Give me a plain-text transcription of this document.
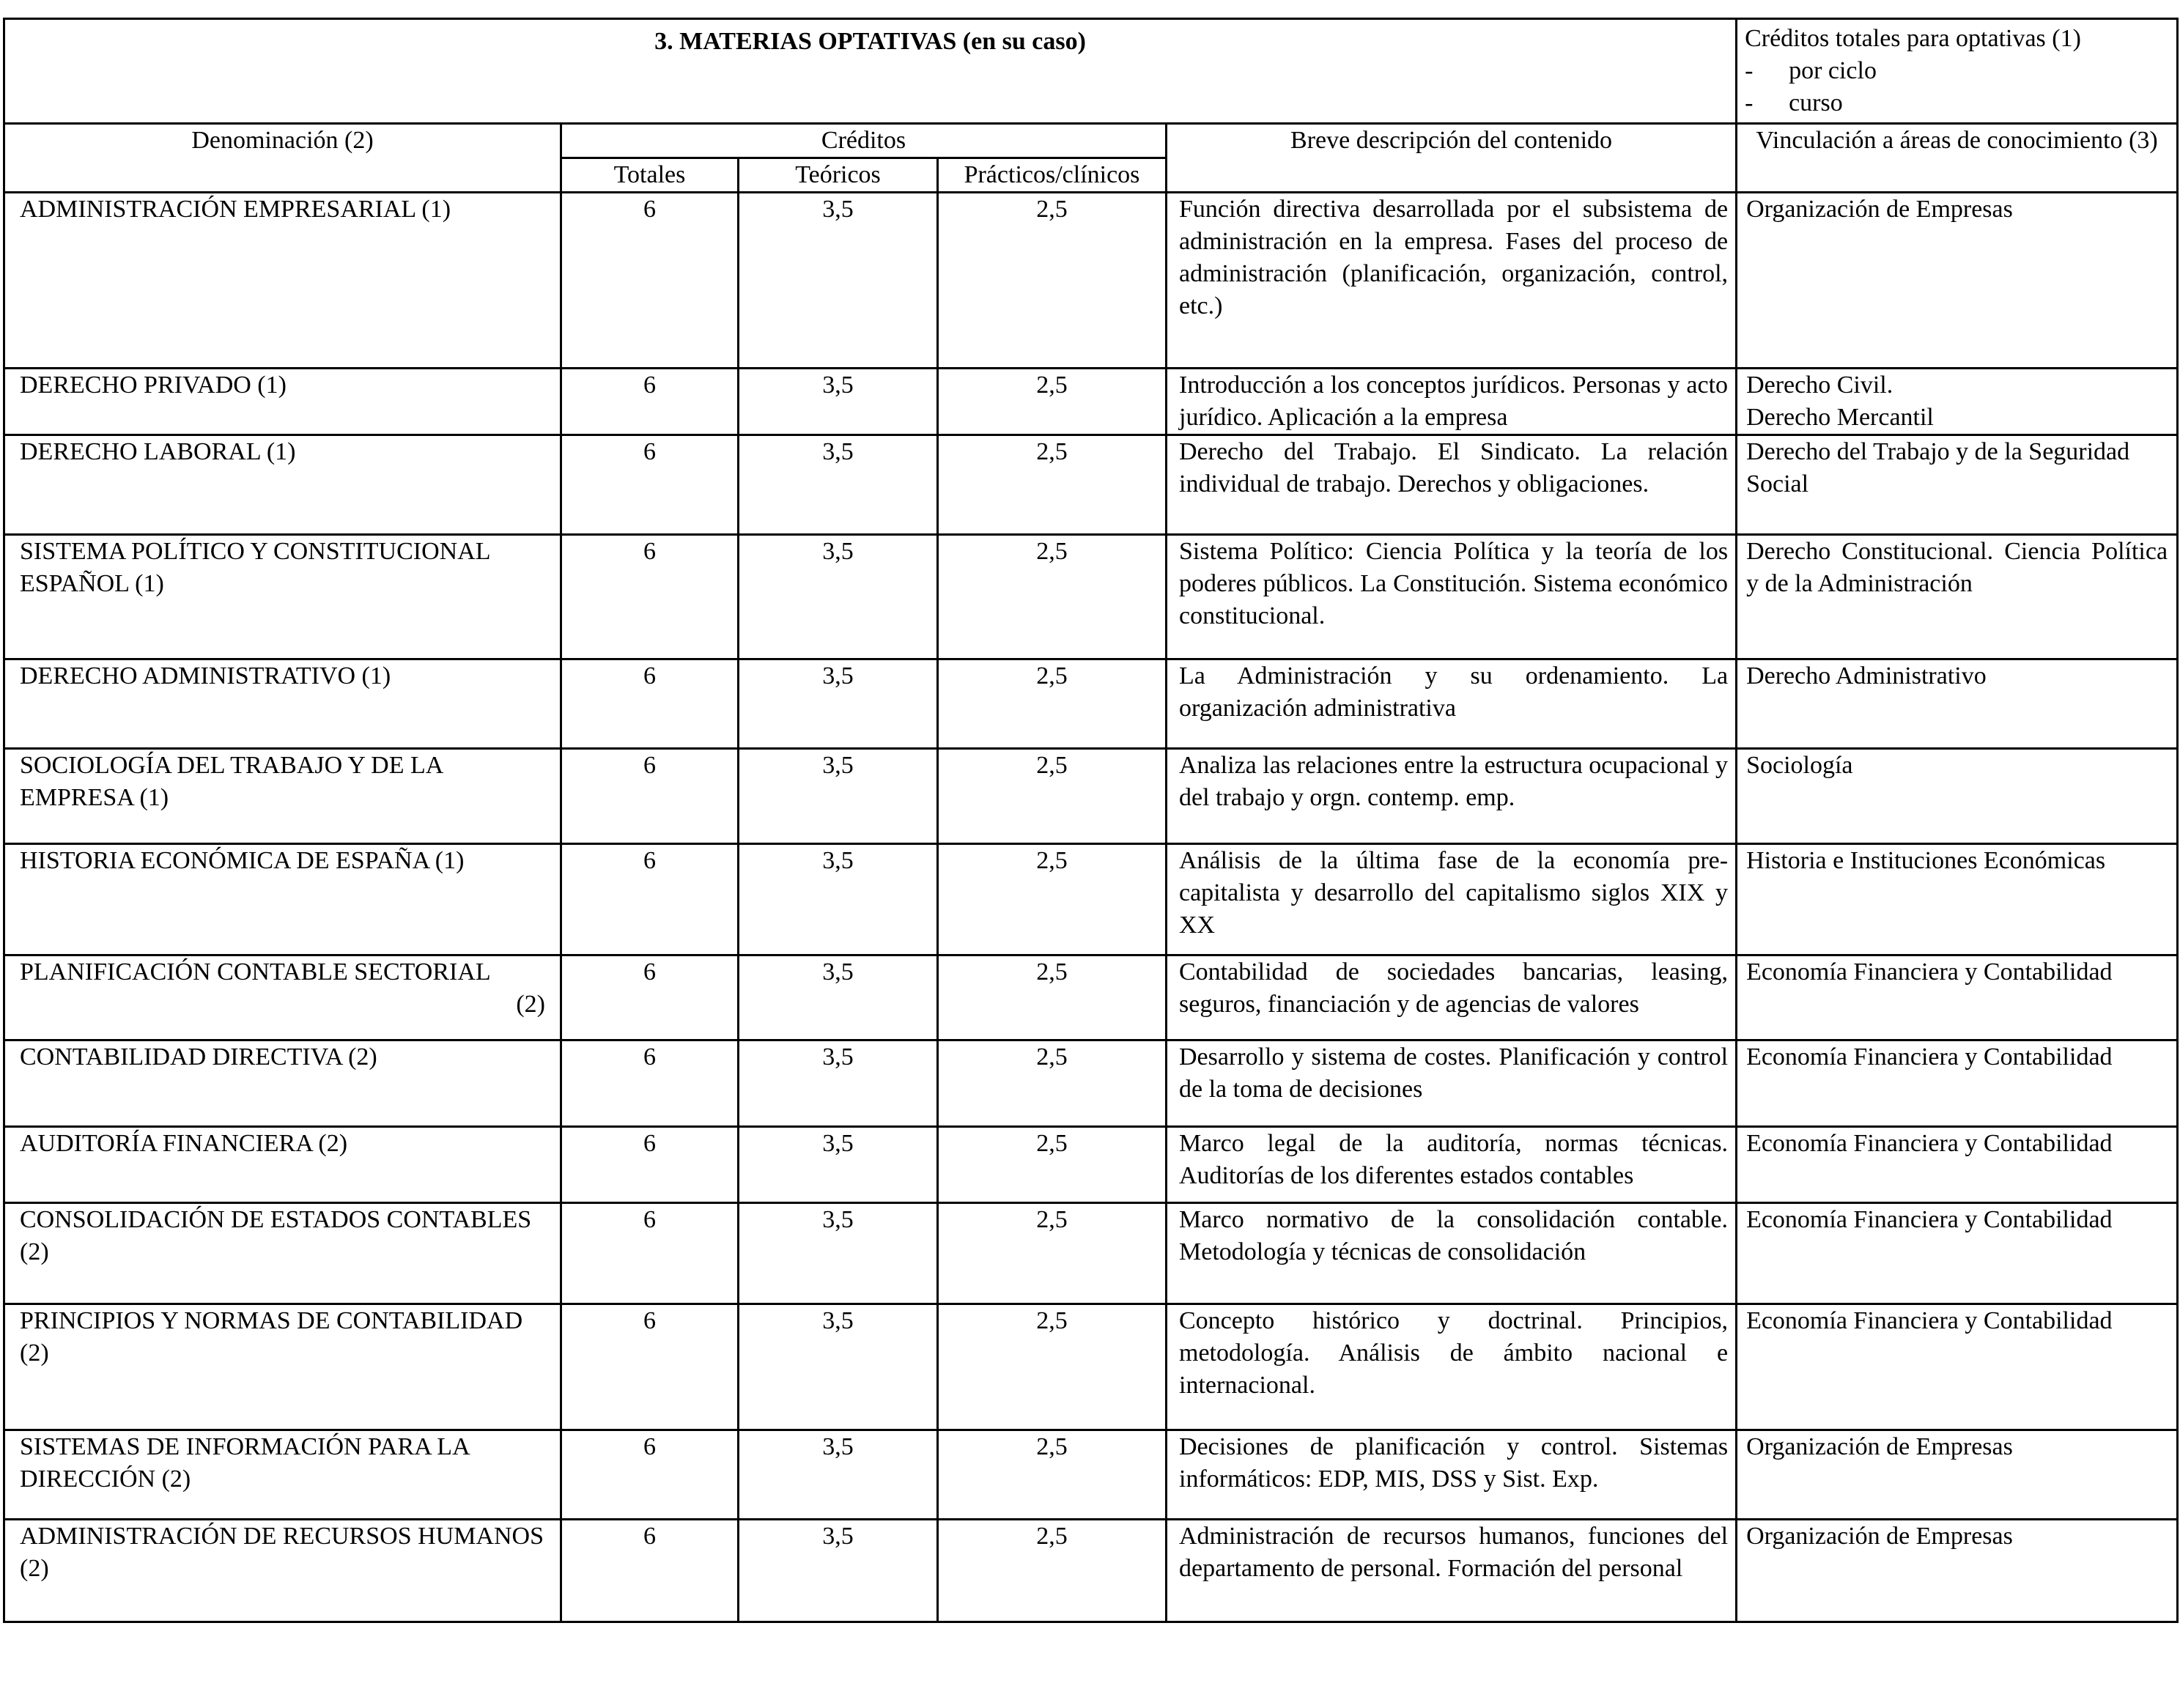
3. MATERIAS OPTATIVAS (en su caso)					Créditos totales para optativas (1)
- por ciclo
- curso

Denominación (2)	Créditos			Breve descripción del contenido	Vinculación a áreas de conocimiento (3)
	Totales	Teóricos	Prácticos/clínicos		
ADMINISTRACIÓN EMPRESARIAL (1)	6	3,5	2,5	Función directiva desarrollada por el subsistema de administración en la empresa. Fases del proceso de administración (planificación, organización, control, etc.)	Organización de Empresas
DERECHO PRIVADO (1)	6	3,5	2,5	Introducción a los conceptos jurídicos. Personas y acto jurídico. Aplicación a la empresa	Derecho Civil.
Derecho Mercantil
DERECHO LABORAL (1)	6	3,5	2,5	Derecho del Trabajo. El Sindicato. La relación individual de trabajo. Derechos y obligaciones.	Derecho del Trabajo y de la Seguridad Social
SISTEMA POLÍTICO Y CONSTITUCIONAL ESPAÑOL (1)	6	3,5	2,5	Sistema Político: Ciencia Política y la teoría de los poderes públicos. La Constitución. Sistema económico constitucional.	Derecho Constitucional. Ciencia Política y de la Administración
DERECHO ADMINISTRATIVO (1)	6	3,5	2,5	La Administración y su ordenamiento. La organización administrativa	Derecho Administrativo
SOCIOLOGÍA DEL TRABAJO Y DE LA EMPRESA (1)	6	3,5	2,5	Analiza las relaciones entre la estructura ocupacional y del trabajo y orgn. contemp. emp.	Sociología
HISTORIA ECONÓMICA DE ESPAÑA (1)	6	3,5	2,5	Análisis de la última fase de la economía pre-capitalista y desarrollo del capitalismo siglos XIX y XX	Historia e Instituciones Económicas
PLANIFICACIÓN CONTABLE SECTORIAL
(2)	6	3,5	2,5	Contabilidad de sociedades bancarias, leasing, seguros, financiación y de agencias de valores	Economía Financiera y Contabilidad
CONTABILIDAD DIRECTIVA (2)	6	3,5	2,5	Desarrollo y sistema de costes. Planificación y control de la toma de decisiones	Economía Financiera y Contabilidad
AUDITORÍA FINANCIERA (2)	6	3,5	2,5	Marco legal de la auditoría, normas técnicas. Auditorías de los diferentes estados contables	Economía Financiera y Contabilidad
CONSOLIDACIÓN DE ESTADOS CONTABLES (2)	6	3,5	2,5	Marco normativo de la consolidación contable. Metodología y técnicas de consolidación	Economía Financiera y Contabilidad
PRINCIPIOS Y NORMAS DE CONTABILIDAD (2)	6	3,5	2,5	Concepto histórico y doctrinal. Principios, metodología. Análisis de ámbito nacional e internacional.	Economía Financiera y Contabilidad
SISTEMAS DE INFORMACIÓN PARA LA DIRECCIÓN (2)	6	3,5	2,5	Decisiones de planificación y control. Sistemas informáticos: EDP, MIS, DSS y Sist. Exp.	Organización de Empresas
ADMINISTRACIÓN DE RECURSOS HUMANOS (2)	6	3,5	2,5	Administración de recursos humanos, funciones del departamento de personal. Formación del personal	Organización de Empresas
